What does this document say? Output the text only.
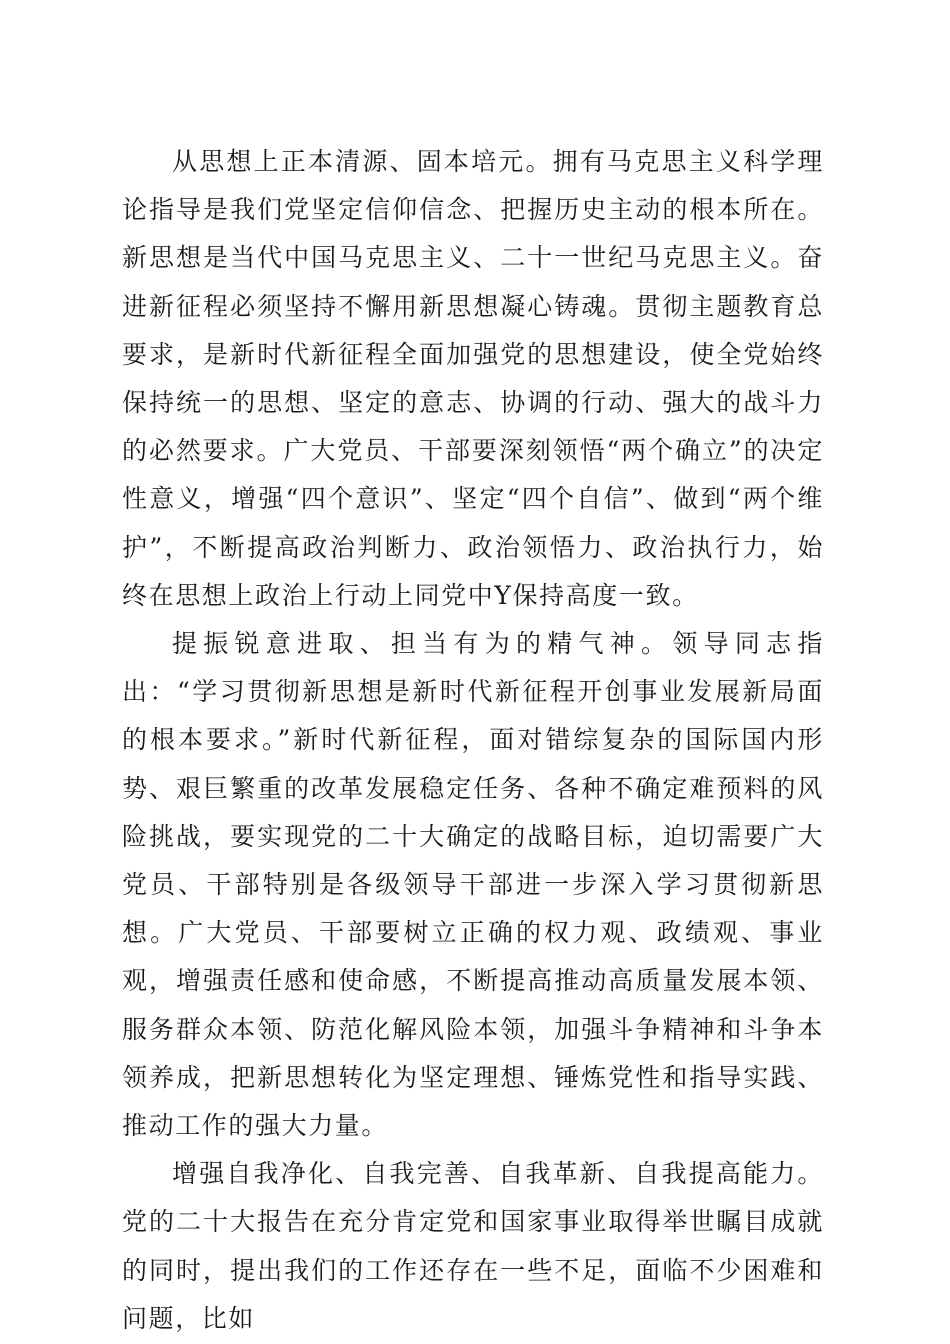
从思想上正本清源、固本培元。拥有马克思主义科学理论指导是我们党坚定信仰信念、把握历史主动的根本所在。新思想是当代中国马克思主义、二十一世纪马克思主义。奋进新征程必须坚持不懈用新思想凝心铸魂。贯彻主题教育总要求，是新时代新征程全面加强党的思想建设，使全党始终保持统一的思想、坚定的意志、协调的行动、强大的战斗力的必然要求。广大党员、干部要深刻领悟“两个确立”的决定性意义，增强“四个意识”、坚定“四个自信”、做到“两个维护”，不断提高政治判断力、政治领悟力、政治执行力，始终在思想上政治上行动上同党中Y保持高度一致。

提振锐意进取、担当有为的精气神。领导同志指出：“学习贯彻新思想是新时代新征程开创事业发展新局面的根本要求。”新时代新征程，面对错综复杂的国际国内形势、艰巨繁重的改革发展稳定任务、各种不确定难预料的风险挑战，要实现党的二十大确定的战略目标，迫切需要广大党员、干部特别是各级领导干部进一步深入学习贯彻新思想。广大党员、干部要树立正确的权力观、政绩观、事业观，增强责任感和使命感，不断提高推动高质量发展本领、服务群众本领、防范化解风险本领，加强斗争精神和斗争本领养成，把新思想转化为坚定理想、锤炼党性和指导实践、推动工作的强大力量。

增强自我净化、自我完善、自我革新、自我提高能力。党的二十大报告在充分肯定党和国家事业取得举世瞩目成就的同时，提出我们的工作还存在一些不足，面临不少困难和问题，比如
